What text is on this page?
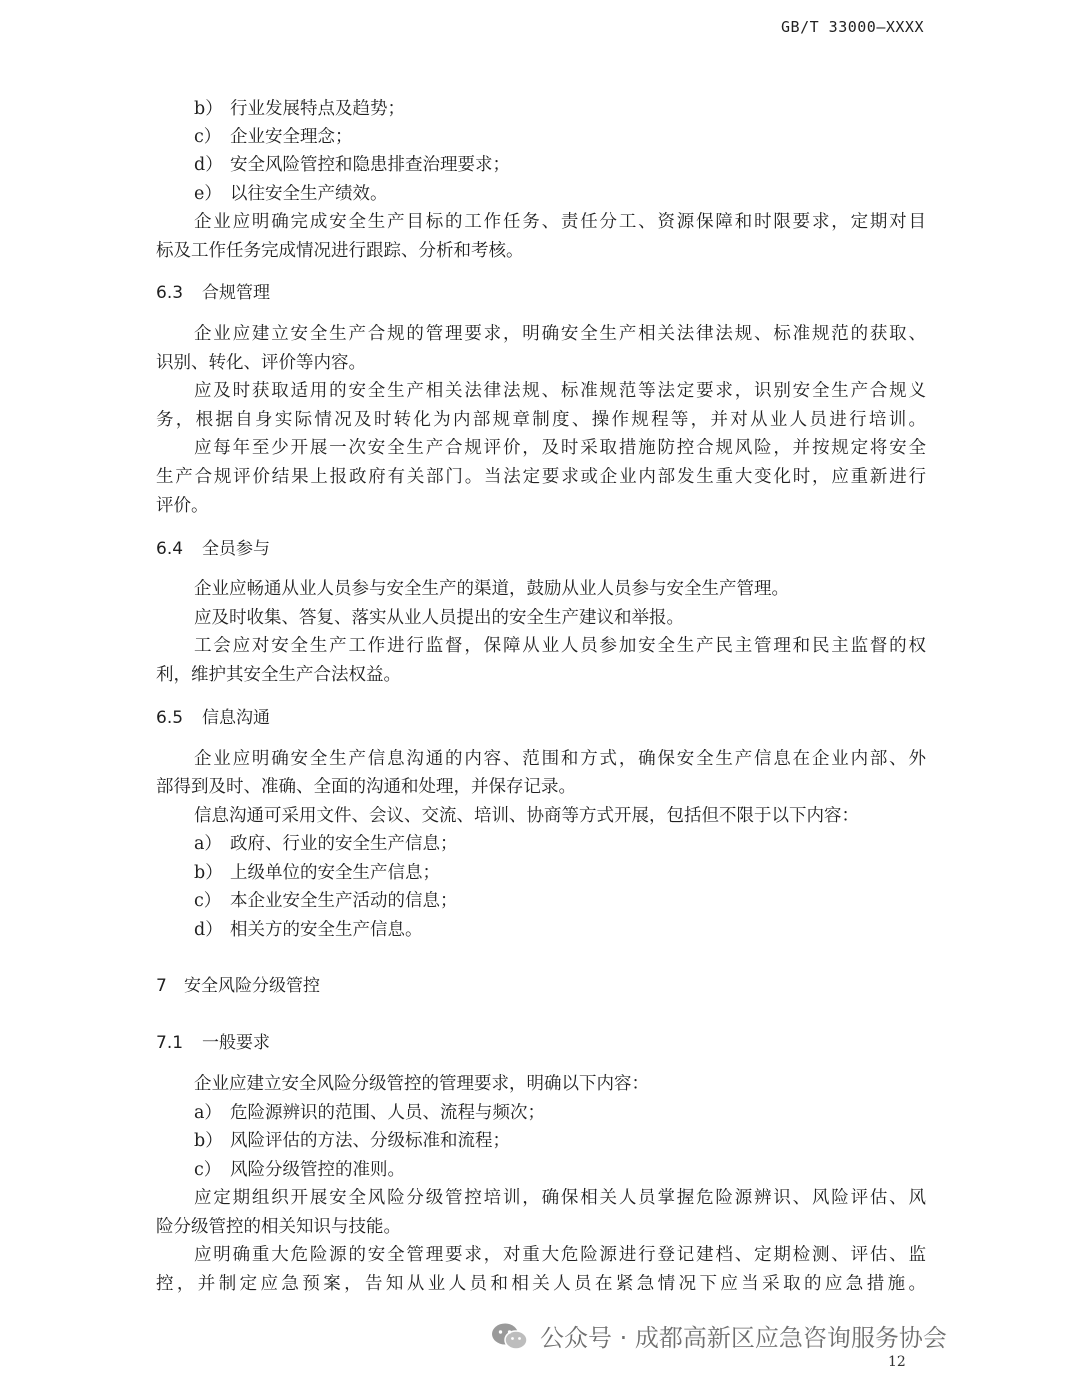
GB/T 33000—XXXX
b） 行业发展特点及趋势；
c） 企业安全理念；
d） 安全风险管控和隐患排查治理要求；
e） 以往安全生产绩效。
企业应明确完成安全生产目标的工作任务、责任分工、资源保障和时限要求，定期对目
标及工作任务完成情况进行跟踪、分析和考核。
6.3 合规管理
企业应建立安全生产合规的管理要求，明确安全生产相关法律法规、标准规范的获取、
识别、转化、评价等内容。
应及时获取适用的安全生产相关法律法规、标准规范等法定要求，识别安全生产合规义
务，根据自身实际情况及时转化为内部规章制度、操作规程等，并对从业人员进行培训。
应每年至少开展一次安全生产合规评价，及时采取措施防控合规风险，并按规定将安全
生产合规评价结果上报政府有关部门。当法定要求或企业内部发生重大变化时，应重新进行
评价。
6.4 全员参与
企业应畅通从业人员参与安全生产的渠道，鼓励从业人员参与安全生产管理。
应及时收集、答复、落实从业人员提出的安全生产建议和举报。
工会应对安全生产工作进行监督，保障从业人员参加安全生产民主管理和民主监督的权
利，维护其安全生产合法权益。
6.5 信息沟通
企业应明确安全生产信息沟通的内容、范围和方式，确保安全生产信息在企业内部、外
部得到及时、准确、全面的沟通和处理，并保存记录。
信息沟通可采用文件、会议、交流、培训、协商等方式开展，包括但不限于以下内容：
a） 政府、行业的安全生产信息；
b） 上级单位的安全生产信息；
c） 本企业安全生产活动的信息；
d） 相关方的安全生产信息。
7 安全风险分级管控
7.1 一般要求
企业应建立安全风险分级管控的管理要求，明确以下内容：
a） 危险源辨识的范围、人员、流程与频次；
b） 风险评估的方法、分级标准和流程；
c） 风险分级管控的准则。
应定期组织开展安全风险分级管控培训，确保相关人员掌握危险源辨识、风险评估、风
险分级管控的相关知识与技能。
应明确重大危险源的安全管理要求，对重大危险源进行登记建档、定期检测、评估、监
控，并制定应急预案，告知从业人员和相关人员在紧急情况下应当采取的应急措施。
公众号 · 成都高新区应急咨询服务协会
12
